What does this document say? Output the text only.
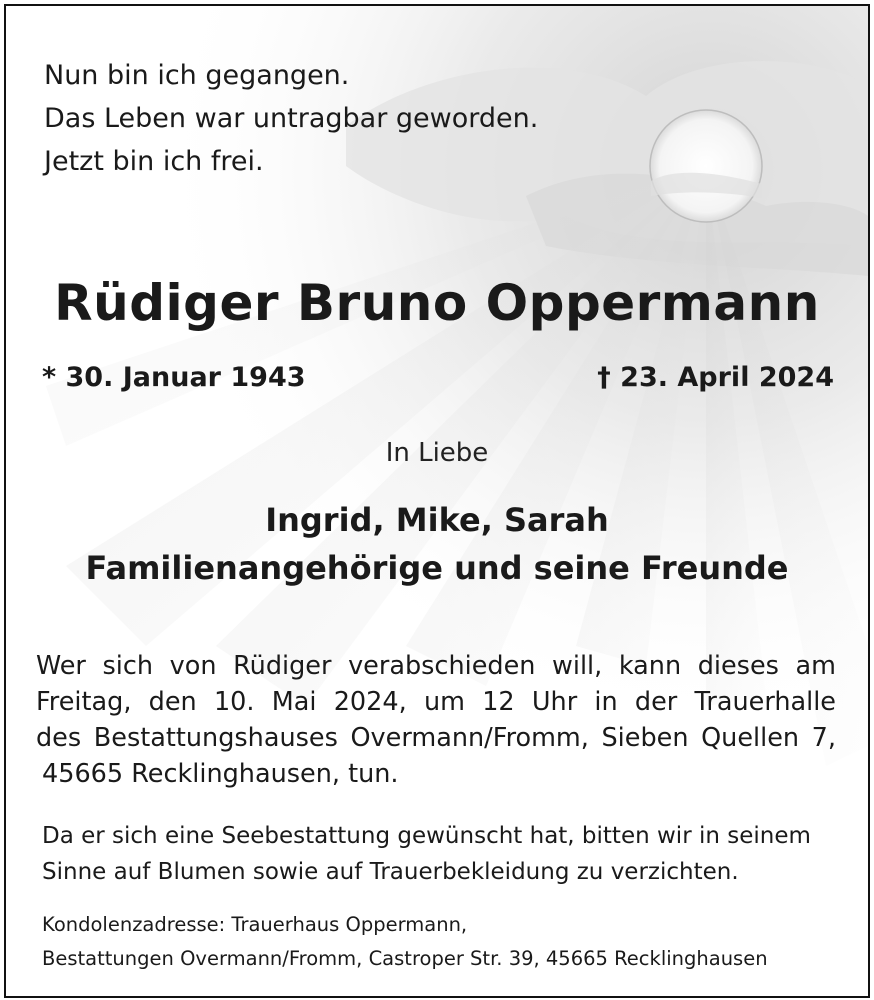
Nun bin ich gegangen.
Das Leben war untragbar geworden.
Jetzt bin ich frei.
Rüdiger Bruno Oppermann
* 30. Januar 1943	† 23. April 2024
In Liebe
Ingrid, Mike, Sarah
Familienangehörige und seine Freunde
Wer sich von Rüdiger verabschieden will, kann dieses am
Freitag, den 10. Mai 2024, um 12 Uhr in der Trauerhalle
des Bestattungshauses Overmann/Fromm, Sieben Quellen 7,
45665 Recklinghausen, tun.
Da er sich eine Seebestattung gewünscht hat, bitten wir in seinem
Sinne auf Blumen sowie auf Trauerbekleidung zu verzichten.
Kondolenzadresse: Trauerhaus Oppermann,
Bestattungen Overmann/Fromm, Castroper Str. 39, 45665 Recklinghausen
